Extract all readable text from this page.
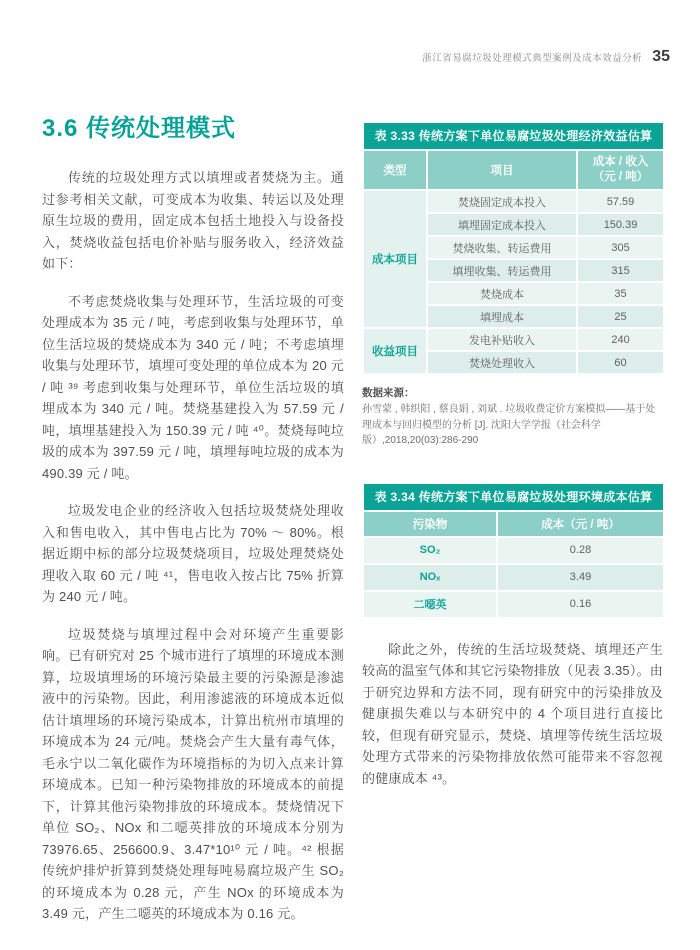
浙江省易腐垃圾处理模式典型案例及成本效益分析 35
3.6 传统处理模式

传统的垃圾处理方式以填埋或者焚烧为主。通过参考相关文献，可变成本为收集、转运以及处理原生垃圾的费用，固定成本包括土地投入与设备投入，焚烧收益包括电价补贴与服务收入，经济效益如下：

不考虑焚烧收集与处理环节，生活垃圾的可变处理成本为 35 元 / 吨，考虑到收集与处理环节，单位生活垃圾的焚烧成本为 340 元 / 吨；不考虑填埋收集与处理环节，填埋可变处理的单位成本为 20 元 / 吨 ³⁹ 考虑到收集与处理环节，单位生活垃圾的填埋成本为 340 元 / 吨。焚烧基建投入为 57.59 元 / 吨，填埋基建投入为 150.39 元 / 吨 ⁴⁰。焚烧每吨垃圾的成本为 397.59 元 / 吨，填埋每吨垃圾的成本为 490.39 元 / 吨。

垃圾发电企业的经济收入包括垃圾焚烧处理收入和售电收入，其中售电占比为 70% ～ 80%。根据近期中标的部分垃圾焚烧项目，垃圾处理焚烧处理收入取 60 元 / 吨 ⁴¹，售电收入按占比 75% 折算为 240 元 / 吨。

垃圾焚烧与填埋过程中会对环境产生重要影响。已有研究对 25 个城市进行了填埋的环境成本测算，垃圾填埋场的环境污染最主要的污染源是渗滤液中的污染物。因此，利用渗滤液的环境成本近似估计填埋场的环境污染成本，计算出杭州市填埋的环境成本为 24 元/吨。焚烧会产生大量有毒气体，毛永宁以二氧化碳作为环境指标的为切入点来计算环境成本。已知一种污染物排放的环境成本的前提下，计算其他污染物排放的环境成本。焚烧情况下单位 SO₂、NOx 和二噁英排放的环境成本分别为 73976.65、256600.9、3.47*10¹⁰ 元 / 吨。⁴² 根据传统炉排炉折算到焚烧处理每吨易腐垃圾产生 SO₂ 的环境成本为 0.28 元，产生 NOx 的环境成本为 3.49 元，产生二噁英的环境成本为 0.16 元。

表 3.33 传统方案下单位易腐垃圾处理经济效益估算		
类型	项目	成本 / 收入
（元 / 吨）

成本项目	焚烧固定成本投入	57.59
	填埋固定成本投入	150.39
	焚烧收集、转运费用	305
	填埋收集、转运费用	315
	焚烧成本	35
	填埋成本	25
收益项目	发电补贴收入	240
	焚烧处理收入	60
数据来源：
孙雪蒙 , 韩织阳 , 蔡良娟 , 刘斌 . 垃圾收费定价方案模拟——基于处理成本与回归模型的分析 [J]. 沈阳大学学报（社会科学版）,2018,20(03):286-290
表 3.34 传统方案下单位易腐垃圾处理环境成本估算	
污染物	成本（元 / 吨）
SO₂	0.28
NOₓ	3.49
二噁英	0.16

除此之外，传统的生活垃圾焚烧、填埋还产生较高的温室气体和其它污染物排放（见表 3.35）。由于研究边界和方法不同，现有研究中的污染排放及健康损失难以与本研究中的 4 个项目进行直接比较，但现有研究显示，焚烧、填埋等传统生活垃圾处理方式带来的污染物排放依然可能带来不容忽视的健康成本 ⁴³。
